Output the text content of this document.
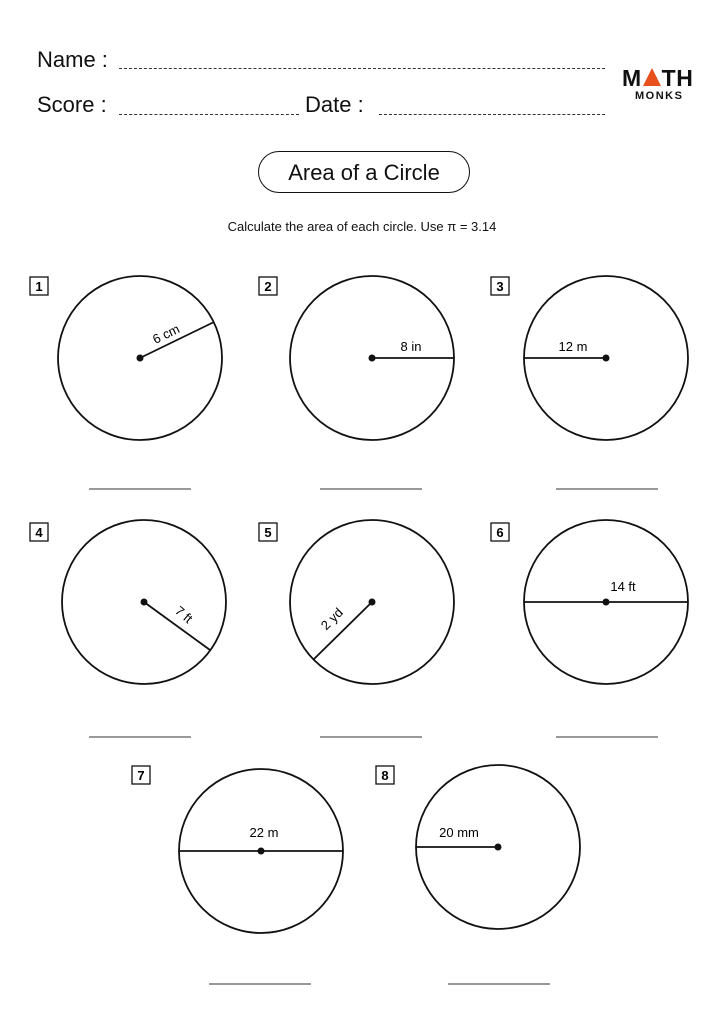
Name :
Score :	Date :
M TH
MONKS
Area of a Circle
Calculate the area of each circle. Use π = 3.14
1
6 cm
2
8 in
3
12 m
4
7 ft
5
2 yd
6
14 ft
7
22 m
8
20 mm
